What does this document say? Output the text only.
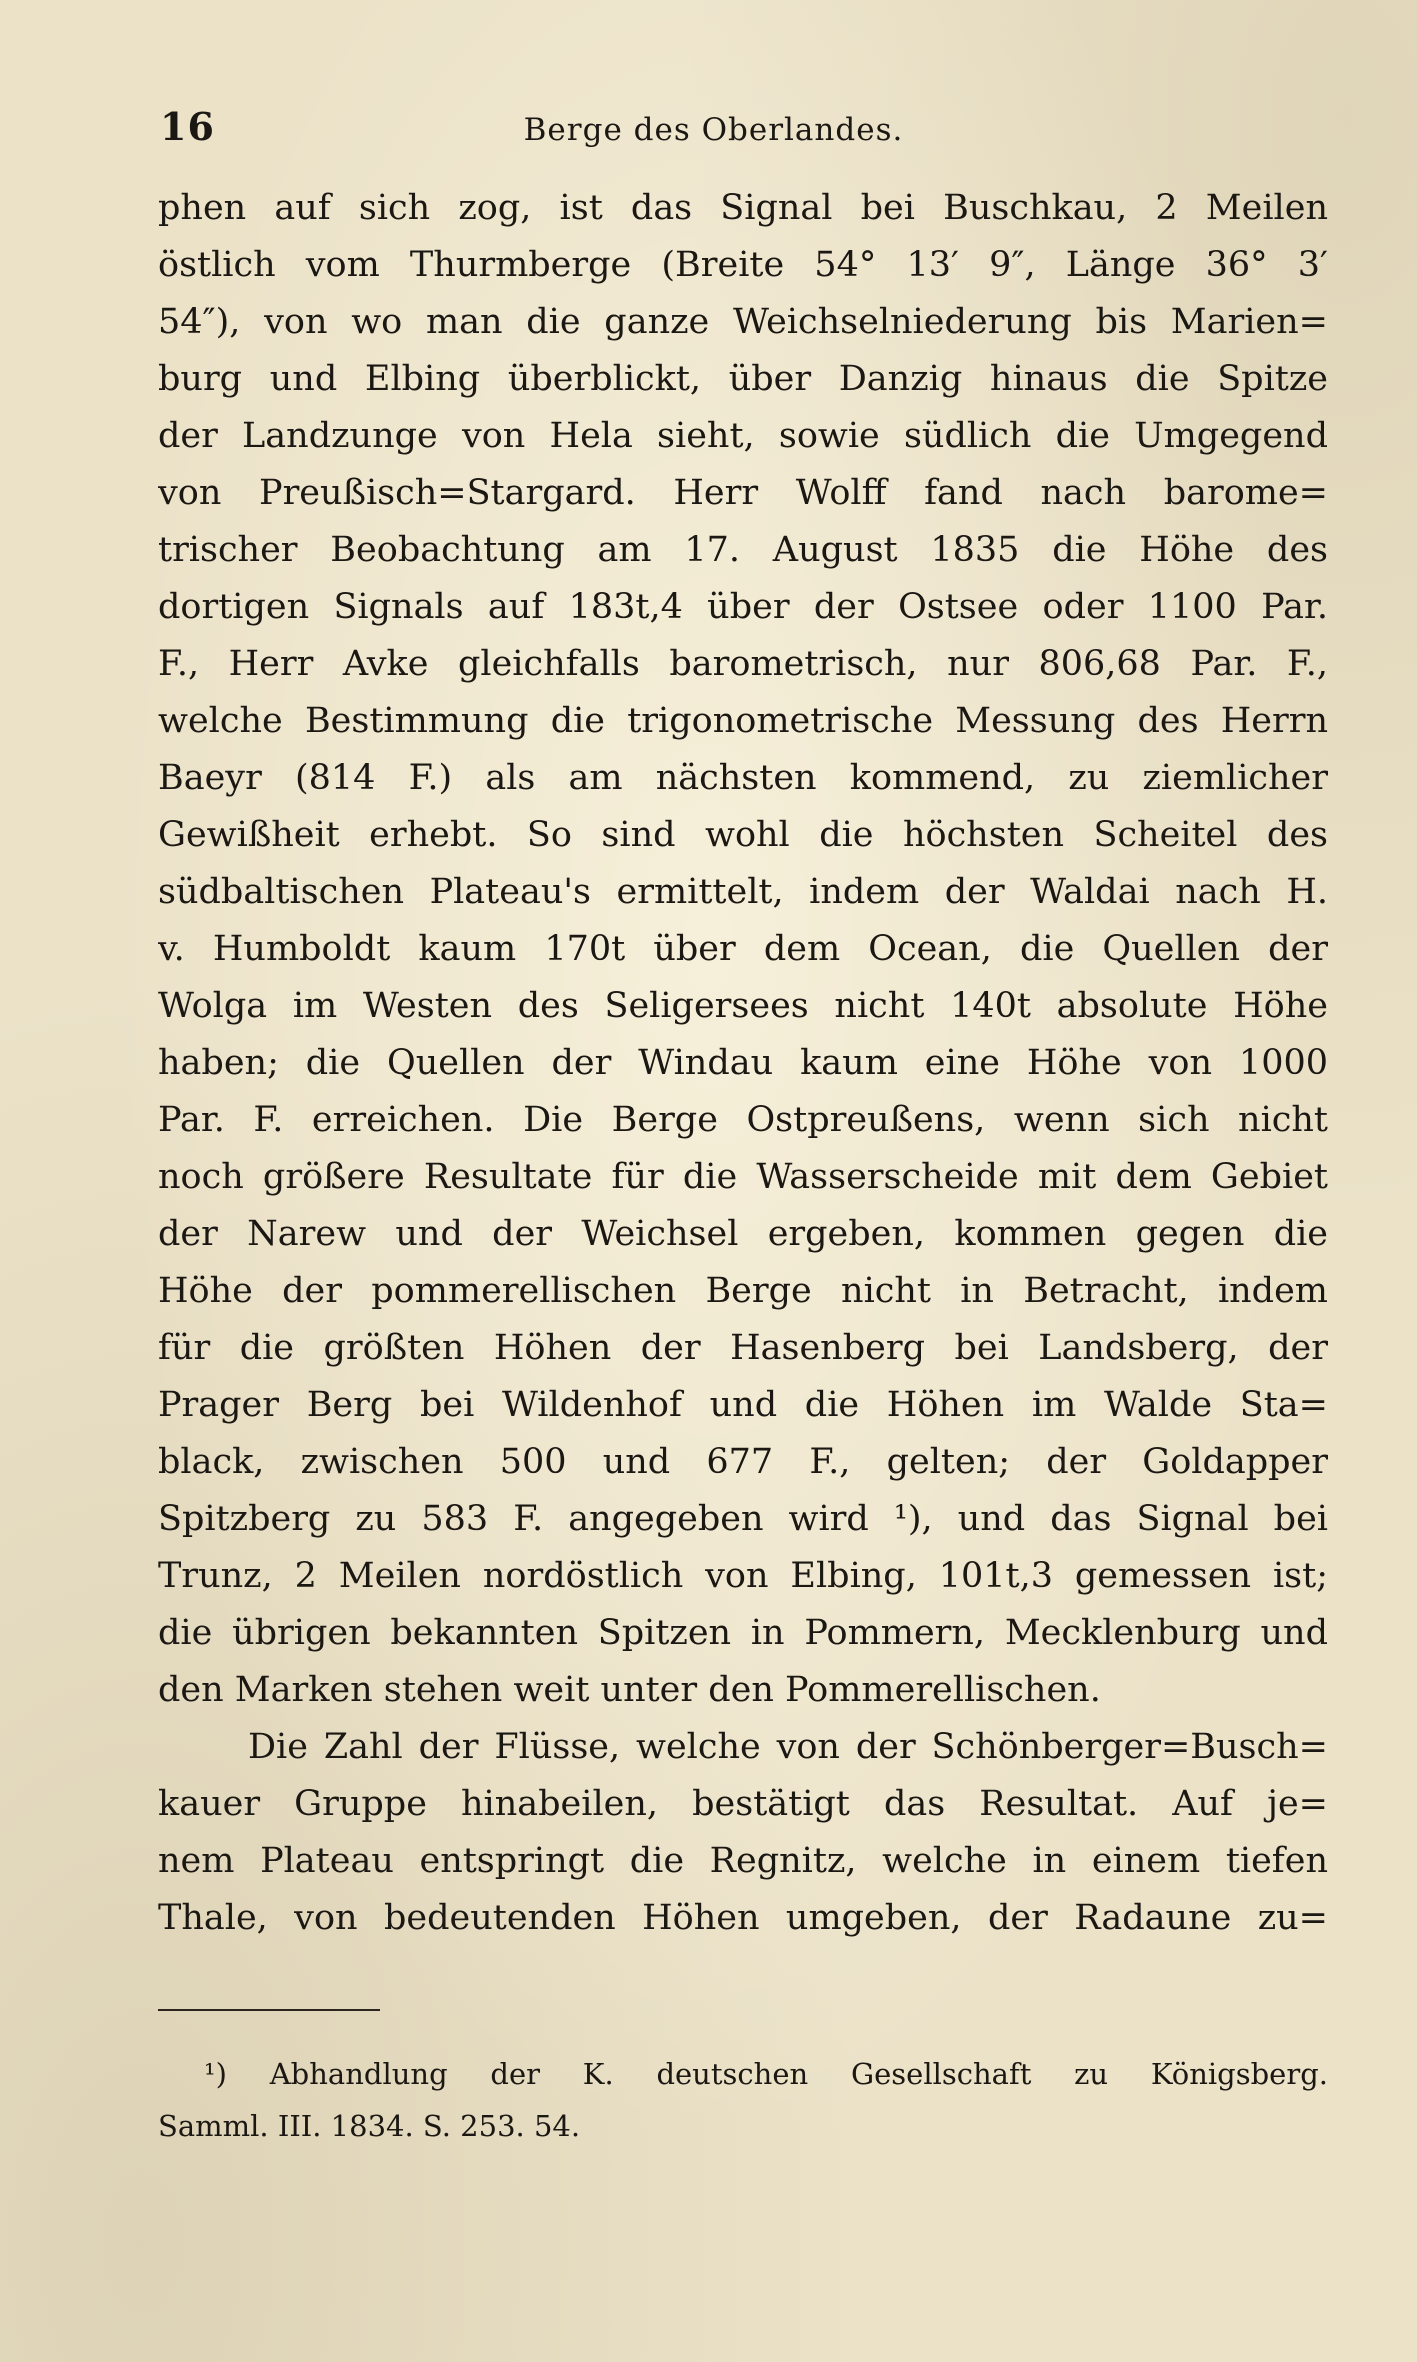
16	Berge des Oberlandes.
phen auf sich zog, ist das Signal bei Buschkau, 2 Meilen
östlich vom Thurmberge (Breite 54° 13′ 9″, Länge 36° 3′
54″), von wo man die ganze Weichselniederung bis Marien=
burg und Elbing überblickt, über Danzig hinaus die Spitze
der Landzunge von Hela sieht, sowie südlich die Umgegend
von Preußisch=Stargard. Herr Wolff fand nach barome=
trischer Beobachtung am 17. August 1835 die Höhe des
dortigen Signals auf 183t,4 über der Ostsee oder 1100 Par.
F., Herr Avke gleichfalls barometrisch, nur 806,68 Par. F.,
welche Bestimmung die trigonometrische Messung des Herrn
Baeyr (814 F.) als am nächsten kommend, zu ziemlicher
Gewißheit erhebt. So sind wohl die höchsten Scheitel des
südbaltischen Plateau's ermittelt, indem der Waldai nach H.
v. Humboldt kaum 170t über dem Ocean, die Quellen der
Wolga im Westen des Seligersees nicht 140t absolute Höhe
haben; die Quellen der Windau kaum eine Höhe von 1000
Par. F. erreichen. Die Berge Ostpreußens, wenn sich nicht
noch größere Resultate für die Wasserscheide mit dem Gebiet
der Narew und der Weichsel ergeben, kommen gegen die
Höhe der pommerellischen Berge nicht in Betracht, indem
für die größten Höhen der Hasenberg bei Landsberg, der
Prager Berg bei Wildenhof und die Höhen im Walde Sta=
black, zwischen 500 und 677 F., gelten; der Goldapper
Spitzberg zu 583 F. angegeben wird ¹), und das Signal bei
Trunz, 2 Meilen nordöstlich von Elbing, 101t,3 gemessen ist;
die übrigen bekannten Spitzen in Pommern, Mecklenburg und
den Marken stehen weit unter den Pommerellischen.
Die Zahl der Flüsse, welche von der Schönberger=Busch=
kauer Gruppe hinabeilen, bestätigt das Resultat. Auf je=
nem Plateau entspringt die Regnitz, welche in einem tiefen
Thale, von bedeutenden Höhen umgeben, der Radaune zu=
¹) Abhandlung der K. deutschen Gesellschaft zu Königsberg.
Samml. III. 1834. S. 253. 54.
